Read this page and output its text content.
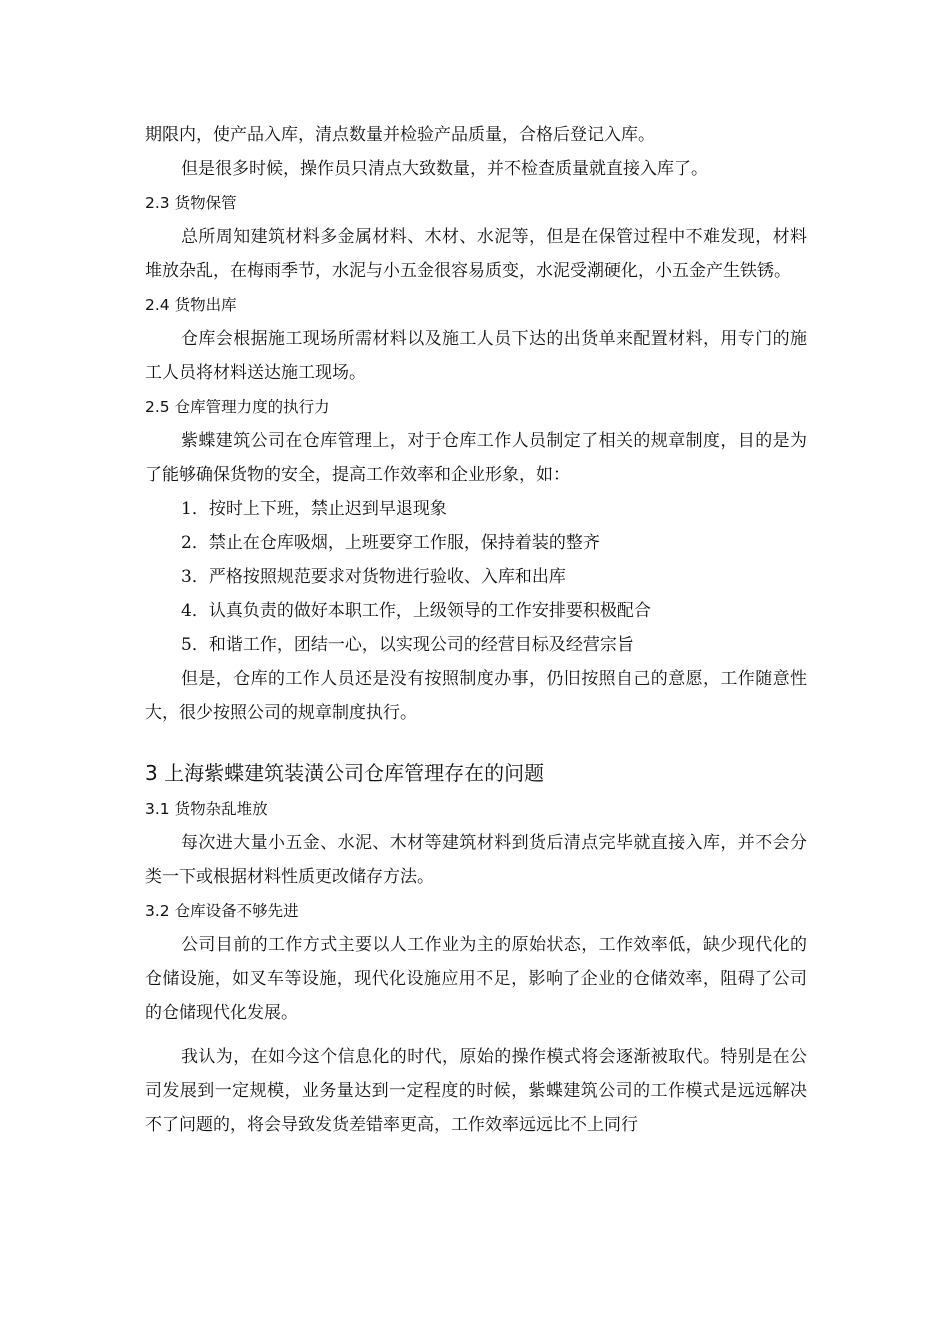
期限内，使产品入库，清点数量并检验产品质量，合格后登记入库。

但是很多时候，操作员只清点大致数量，并不检查质量就直接入库了。

2.3 货物保管

总所周知建筑材料多金属材料、木材、水泥等，但是在保管过程中不难发现，材料堆放杂乱，在梅雨季节，水泥与小五金很容易质变，水泥受潮硬化，小五金产生铁锈。

2.4 货物出库

仓库会根据施工现场所需材料以及施工人员下达的出货单来配置材料，用专门的施工人员将材料送达施工现场。

2.5 仓库管理力度的执行力

紫蝶建筑公司在仓库管理上，对于仓库工作人员制定了相关的规章制度，目的是为了能够确保货物的安全，提高工作效率和企业形象，如：

1．按时上下班，禁止迟到早退现象

2．禁止在仓库吸烟，上班要穿工作服，保持着装的整齐

3．严格按照规范要求对货物进行验收、入库和出库

4．认真负责的做好本职工作，上级领导的工作安排要积极配合

5．和谐工作，团结一心，以实现公司的经营目标及经营宗旨

但是，仓库的工作人员还是没有按照制度办事，仍旧按照自己的意愿，工作随意性大，很少按照公司的规章制度执行。

3 上海紫蝶建筑装潢公司仓库管理存在的问题
3.1 货物杂乱堆放

每次进大量小五金、水泥、木材等建筑材料到货后清点完毕就直接入库，并不会分类一下或根据材料性质更改储存方法。

3.2 仓库设备不够先进

公司目前的工作方式主要以人工作业为主的原始状态，工作效率低，缺少现代化的仓储设施，如叉车等设施，现代化设施应用不足，影响了企业的仓储效率，阻碍了公司的仓储现代化发展。

我认为，在如今这个信息化的时代，原始的操作模式将会逐渐被取代。特别是在公司发展到一定规模，业务量达到一定程度的时候，紫蝶建筑公司的工作模式是远远解决不了问题的，将会导致发货差错率更高，工作效率远远比不上同行
